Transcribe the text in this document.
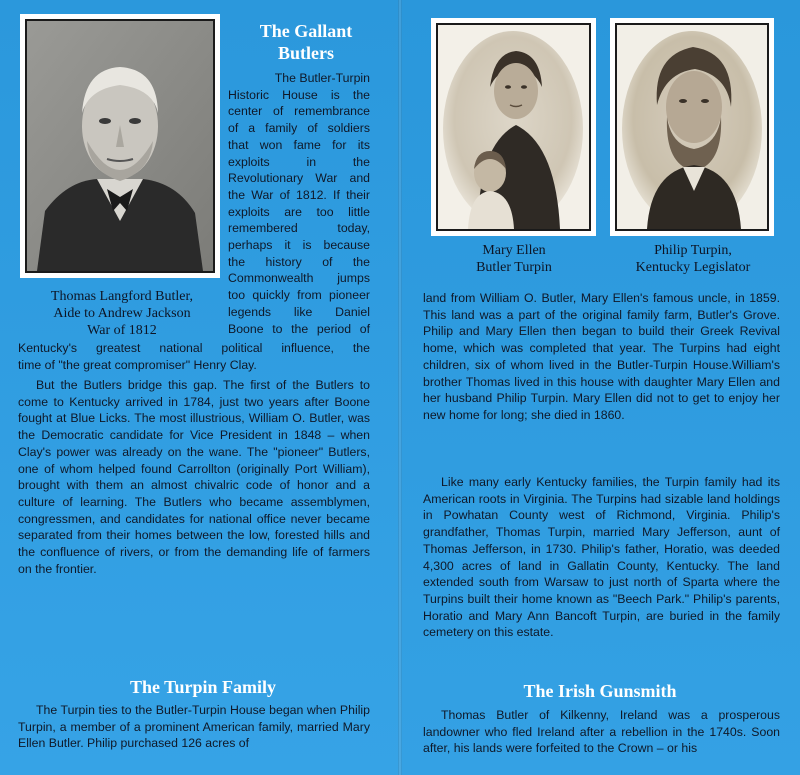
Thomas Langford Butler,
Aide to Andrew Jackson
War of 1812
The Gallant
Butlers
The Butler-Turpin
Historic House is the
center of remembrance
of a family of soldiers
that won fame for its
exploits in the
Revolutionary War and
the War of 1812. If their
exploits are too little
remembered today,
perhaps it is because
the history of the
Commonwealth jumps
too quickly from pioneer
legends like Daniel
Boone to the period of
Kentucky's greatest national political influence, the
time of "the great compromiser" Henry Clay.

But the Butlers bridge this gap. The first of the Butlers to come to Kentucky arrived in 1784, just two years after Boone fought at Blue Licks. The most illustrious, William O. Butler, was the Democratic candidate for Vice President in 1848 – when Clay's power was already on the wane. The "pioneer" Butlers, one of whom helped found Carrollton (originally Port William), brought with them an almost chivalric code of honor and a culture of learning. The Butlers who became assemblymen, congressmen, and candidates for national office never became separated from their homes between the low, forested hills and the confluence of rivers, or from the demanding life of farmers on the frontier.

The Turpin Family

The Turpin ties to the Butler-Turpin House began when Philip Turpin, a member of a prominent American family, married Mary Ellen Butler. Philip purchased 126 acres of

Mary Ellen
Butler Turpin
Philip Turpin,
Kentucky Legislator

land from William O. Butler, Mary Ellen's famous uncle, in 1859. This land was a part of the original family farm, Butler's Grove. Philip and Mary Ellen then began to build their Greek Revival home, which was completed that year. The Turpins had eight children, six of whom lived in the Butler-Turpin House.William's brother Thomas lived in this house with daughter Mary Ellen and her husband Philip Turpin. Mary Ellen did not to get to enjoy her new home for long; she died in 1860.

Like many early Kentucky families, the Turpin family had its American roots in Virginia. The Turpins had sizable land holdings in Powhatan County west of Richmond, Virginia. Philip's grandfather, Thomas Turpin, married Mary Jefferson, aunt of Thomas Jefferson, in 1730. Philip's father, Horatio, was deeded 4,300 acres of land in Gallatin County, Kentucky. The land extended south from Warsaw to just north of Sparta where the Turpins built their home known as "Beech Park." Philip's parents, Horatio and Mary Ann Bancoft Turpin, are buried in the family cemetery on this estate.

The Irish Gunsmith

Thomas Butler of Kilkenny, Ireland was a prosperous landowner who fled Ireland after a rebellion in the 1740s. Soon after, his lands were forfeited to the Crown – or his
